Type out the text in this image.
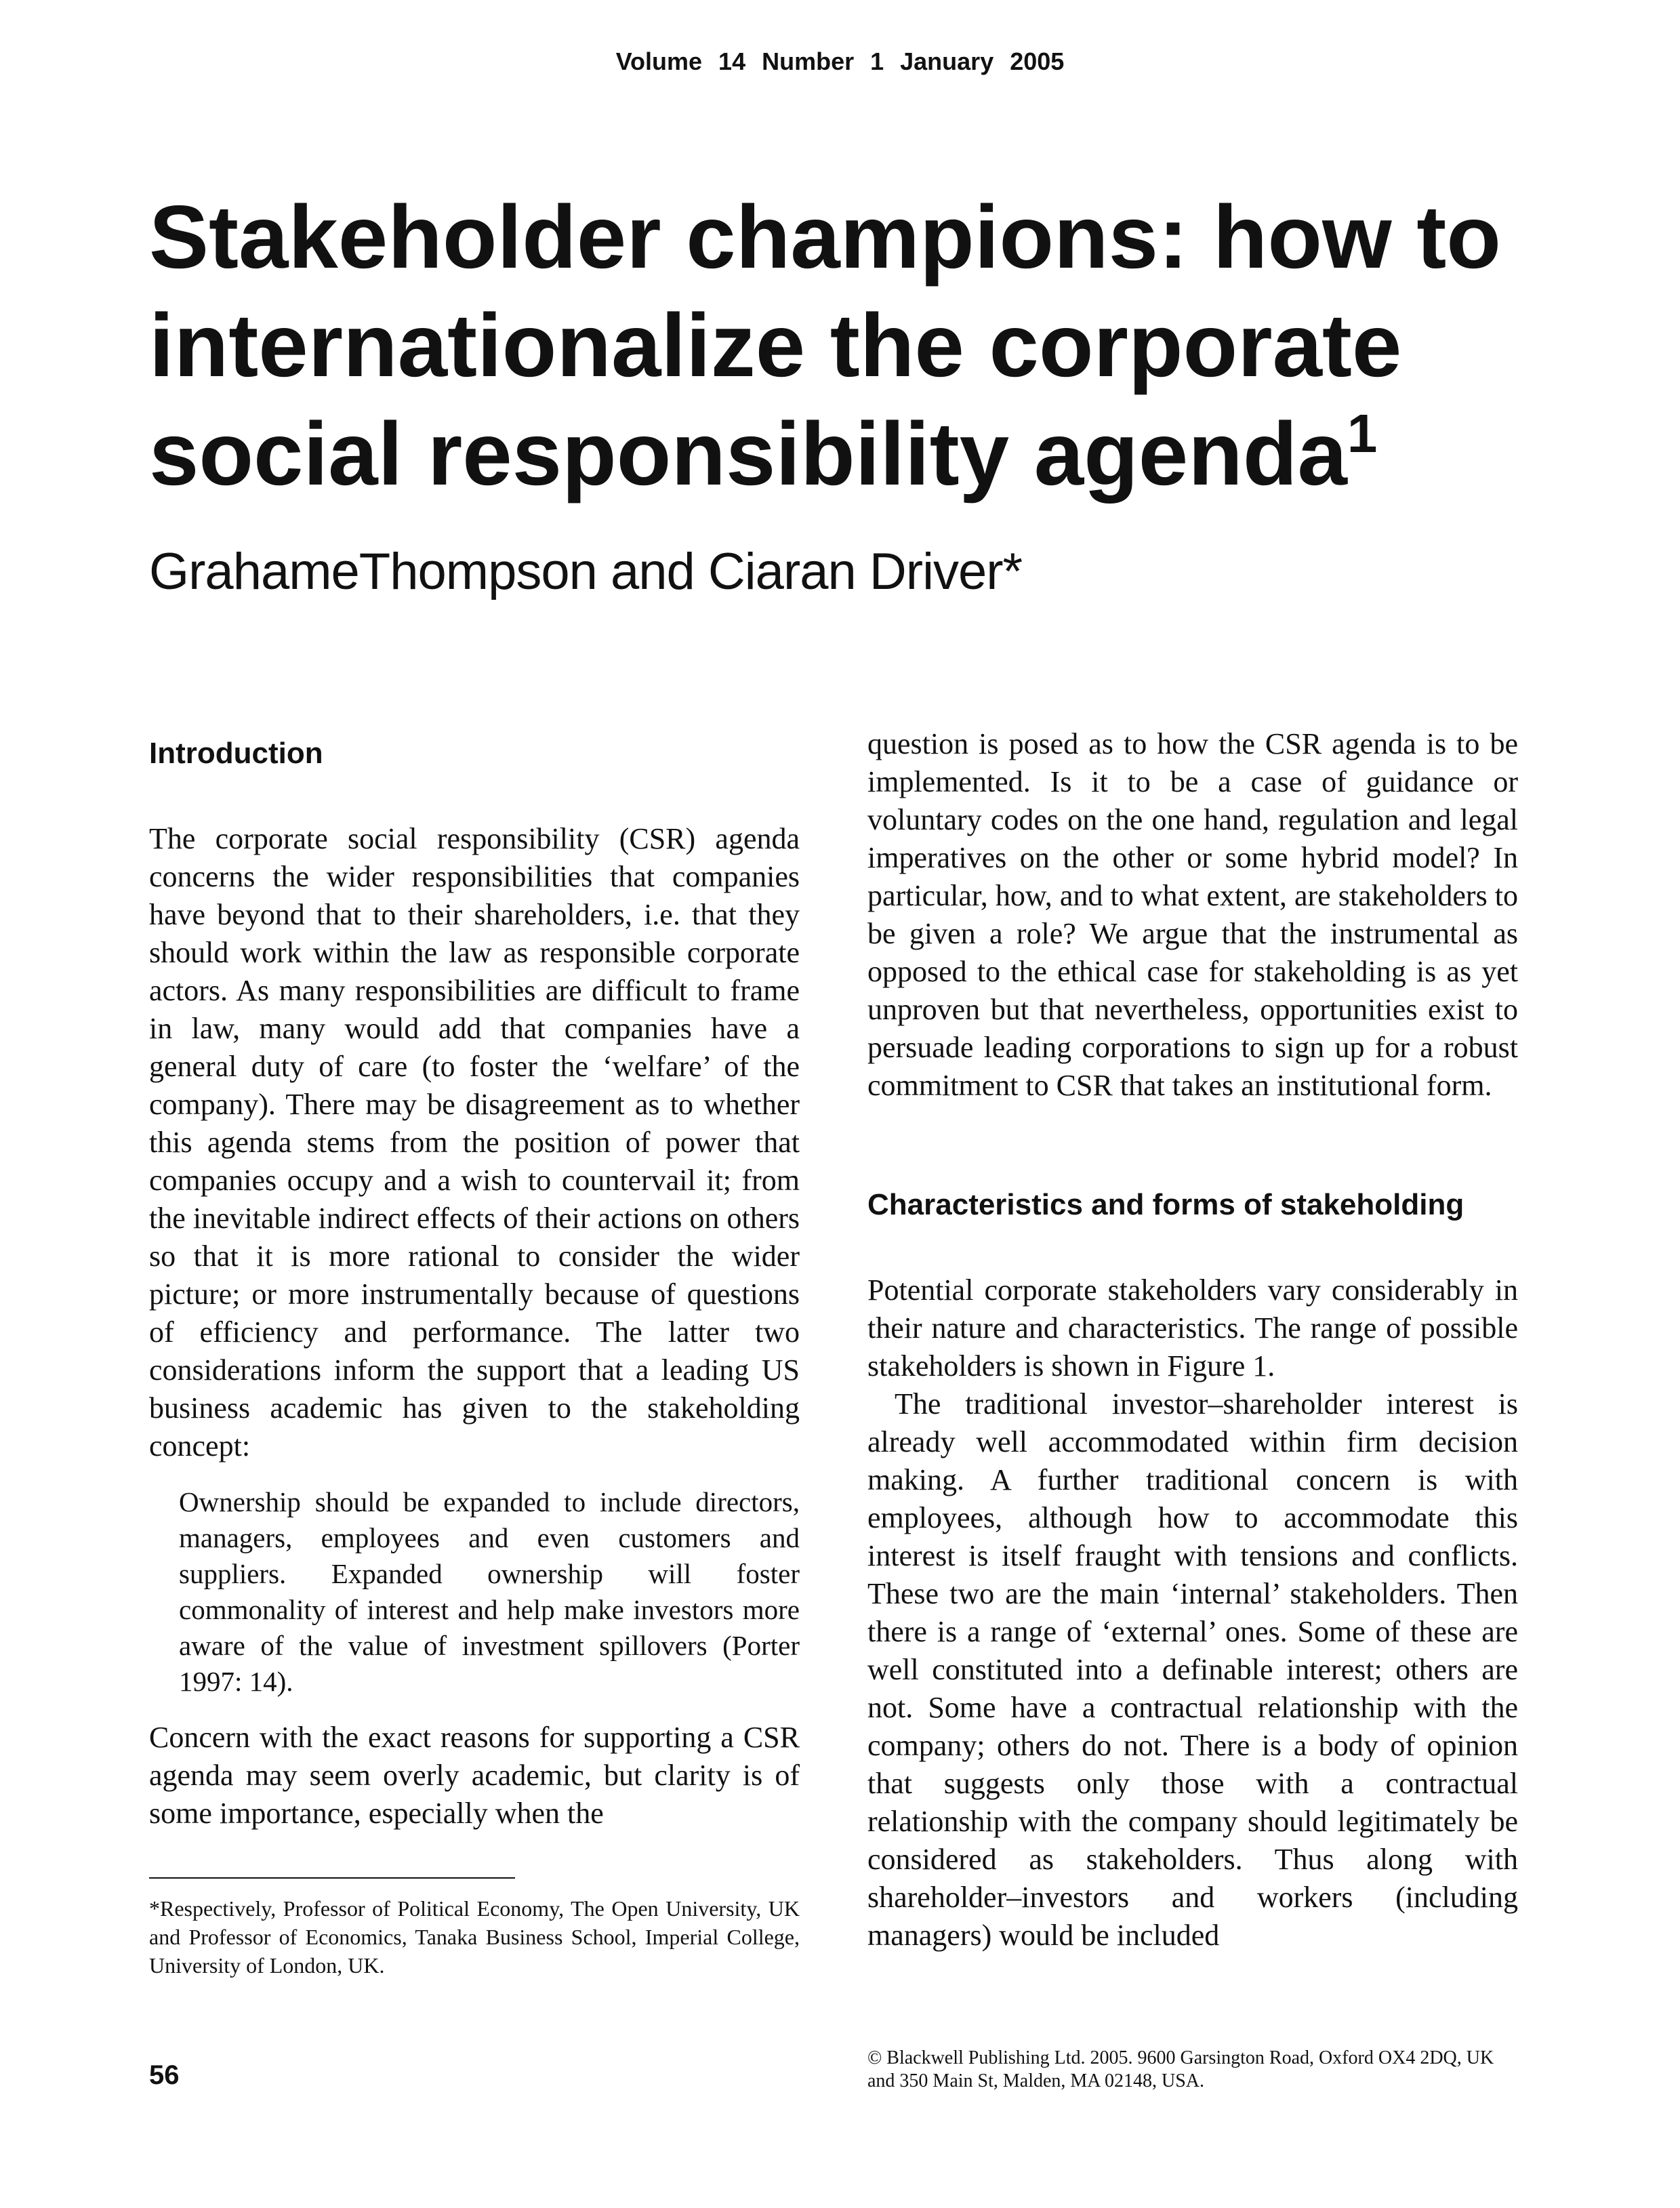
Volume 14 Number 1 January 2005
Stakeholder champions: how to internationalize the corporate social responsibility agenda$^1$
GrahameThompson and Ciaran Driver*
Introduction

The corporate social responsibility (CSR) agenda concerns the wider responsibilities that companies have beyond that to their shareholders, i.e. that they should work within the law as responsible corporate actors. As many responsibilities are difficult to frame in law, many would add that companies have a general duty of care (to foster the ‘welfare’ of the company). There may be disagreement as to whether this agenda stems from the position of power that companies occupy and a wish to countervail it; from the inevitable indirect effects of their actions on others so that it is more rational to consider the wider picture; or more instrumentally because of questions of efficiency and performance. The latter two considerations inform the support that a leading US business academic has given to the stakeholding concept:

Ownership should be expanded to include directors, managers, employees and even customers and suppliers. Expanded ownership will foster commonality of interest and help make investors more aware of the value of investment spillovers (Porter 1997: 14).

Concern with the exact reasons for supporting a CSR agenda may seem overly academic, but clarity is of some importance, especially when the

question is posed as to how the CSR agenda is to be implemented. Is it to be a case of guidance or voluntary codes on the one hand, regulation and legal imperatives on the other or some hybrid model? In particular, how, and to what extent, are stakeholders to be given a role? We argue that the instrumental as opposed to the ethical case for stakeholding is as yet unproven but that nevertheless, opportunities exist to persuade leading corporations to sign up for a robust commitment to CSR that takes an institutional form.

Characteristics and forms of stakeholding

Potential corporate stakeholders vary considerably in their nature and characteristics. The range of possible stakeholders is shown in Figure 1.

The traditional investor–shareholder interest is already well accommodated within firm decision making. A further traditional concern is with employees, although how to accommodate this interest is itself fraught with tensions and conflicts. These two are the main ‘internal’ stakeholders. Then there is a range of ‘external’ ones. Some of these are well constituted into a definable interest; others are not. Some have a contractual relationship with the company; others do not. There is a body of opinion that suggests only those with a contractual relationship with the company should legitimately be considered as stakeholders. Thus along with shareholder–investors and workers (including managers) would be included

*Respectively, Professor of Political Economy, The Open University, UK and Professor of Economics, Tanaka Business School, Imperial College, University of London, UK.
56
© Blackwell Publishing Ltd. 2005. 9600 Garsington Road, Oxford OX4 2DQ, UK
and 350 Main St, Malden, MA 02148, USA.
